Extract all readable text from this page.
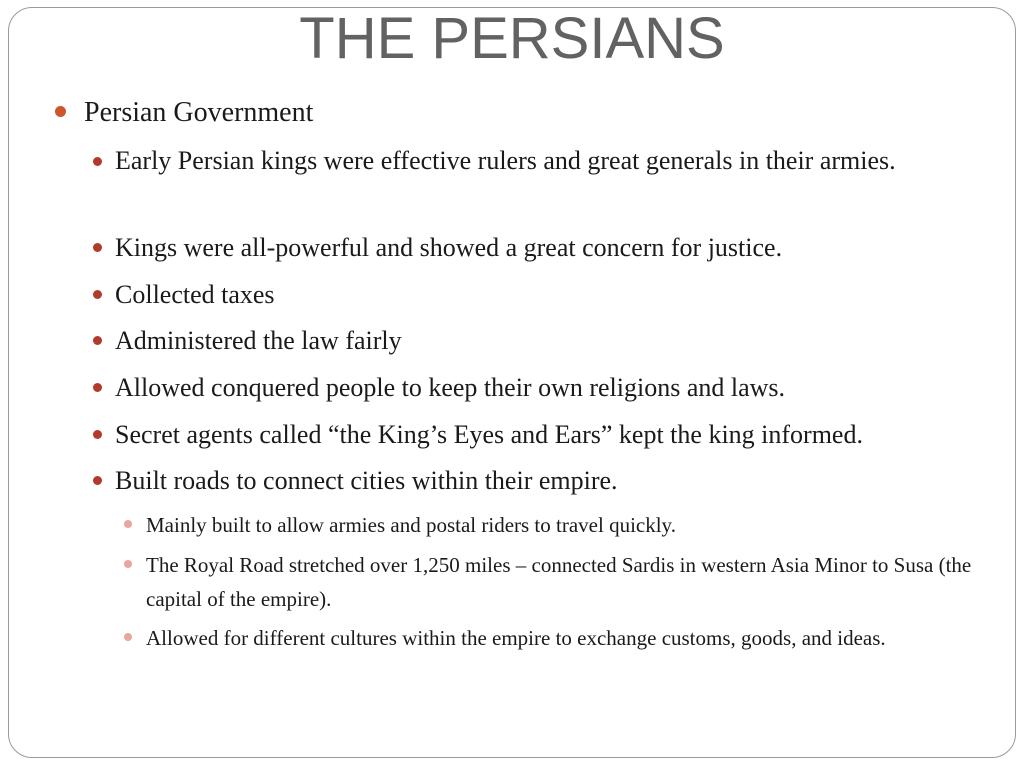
THE PERSIANS

Persian Government

Early Persian kings were effective rulers and great generals in their armies.

Kings were all-powerful and showed a great concern for justice.

Collected taxes

Administered the law fairly

Allowed conquered people to keep their own religions and laws.

Secret agents called “the King’s Eyes and Ears” kept the king informed.

Built roads to connect cities within their empire.

Mainly built to allow armies and postal riders to travel quickly.

The Royal Road stretched over 1,250 miles – connected Sardis in western Asia Minor to Susa (the capital of the empire).

Allowed for different cultures within the empire to exchange customs, goods, and ideas.
